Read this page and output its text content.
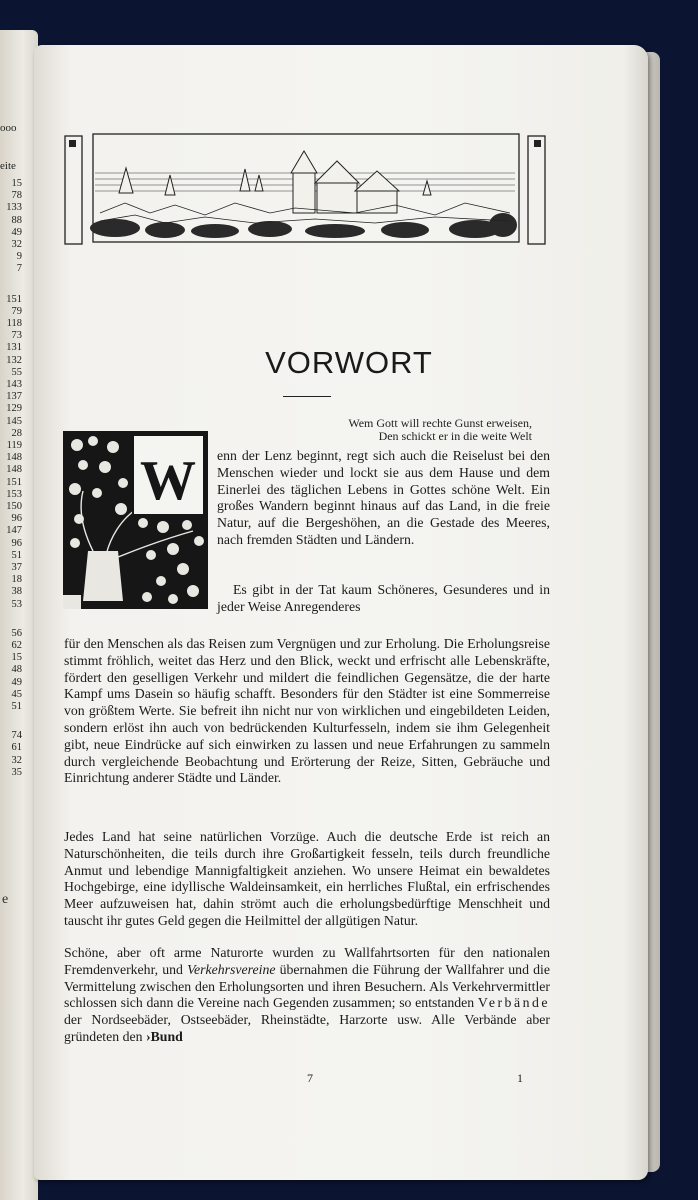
ooo
eite
15
78
133
88
49
32
9
7
151
79
118
73
131
132
55
143
137
129
145
28
119
148
148
151
153
150
96
147
96
51
37
18
38
53
56
62
15
48
49
45
51
74
61
32
35
e
VORWORT
Wem Gott will rechte Gunst erweisen,
Den schickt er in die weite Welt
W enn der Lenz beginnt, regt sich auch die Reiselust bei den Menschen wieder und lockt sie aus dem Hause und dem Einerlei des täglichen Lebens in Gottes schöne Welt. Ein großes Wandern beginnt hinaus auf das Land, in die freie Natur, auf die Bergeshöhen, an die Gestade des Meeres, nach fremden Städten und Ländern.

Es gibt in der Tat kaum Schöneres, Gesunderes und in jeder Weise Anregenderes

für den Menschen als das Reisen zum Vergnügen und zur Erholung. Die Erholungsreise stimmt fröhlich, weitet das Herz und den Blick, weckt und erfrischt alle Lebenskräfte, fördert den geselligen Verkehr und mildert die feindlichen Gegensätze, die der harte Kampf ums Dasein so häufig schafft. Besonders für den Städter ist eine Sommerreise von größtem Werte. Sie befreit ihn nicht nur von wirklichen und eingebildeten Leiden, sondern erlöst ihn auch von bedrückenden Kulturfesseln, indem sie ihm Gelegenheit gibt, neue Eindrücke auf sich einwirken zu lassen und neue Erfahrungen zu sammeln durch vergleichende Beobachtung und Erörterung der Reize, Sitten, Gebräuche und Einrichtung anderer Städte und Länder.

Jedes Land hat seine natürlichen Vorzüge. Auch die deutsche Erde ist reich an Naturschönheiten, die teils durch ihre Großartigkeit fesseln, teils durch freundliche Anmut und lebendige Mannigfaltigkeit anziehen. Wo unsere Heimat ein bewaldetes Hochgebirge, eine idyllische Waldeinsamkeit, ein herrliches Flußtal, ein erfrischendes Meer aufzuweisen hat, dahin strömt auch die erholungsbedürftige Menschheit und tauscht ihr gutes Geld gegen die Heilmittel der allgütigen Natur.

Schöne, aber oft arme Naturorte wurden zu Wallfahrtsorten für den nationalen Fremdenverkehr, und Verkehrsvereine übernahmen die Führung der Wallfahrer und die Vermittelung zwischen den Erholungsorten und ihren Besuchern. Als Verkehrvermittler schlossen sich dann die Vereine nach Gegenden zusammen; so entstanden Verbände der Nordseebäder, Ostseebäder, Rheinstädte, Harzorte usw. Alle Verbände aber gründeten den ›Bund

7	1
